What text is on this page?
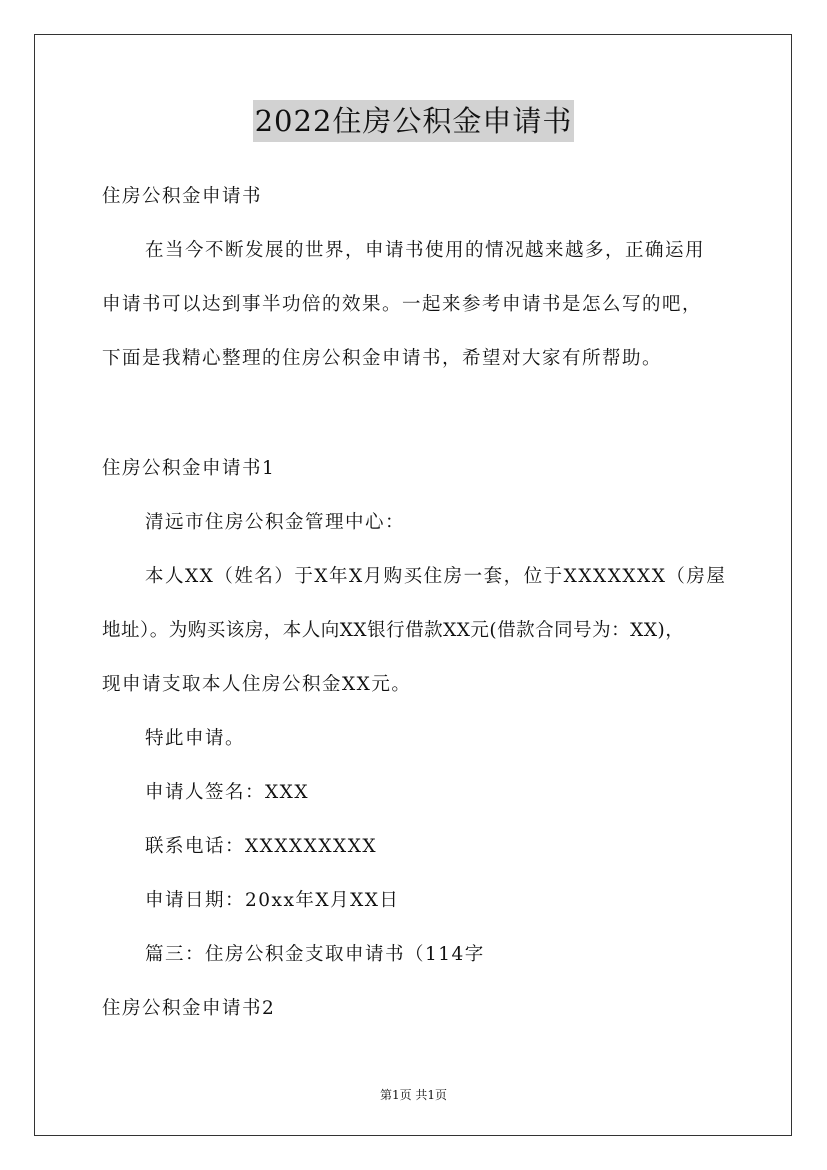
2022住房公积金申请书
住房公积金申请书
在当今不断发展的世界，申请书使用的情况越来越多，正确运用
申请书可以达到事半功倍的效果。一起来参考申请书是怎么写的吧，
下面是我精心整理的住房公积金申请书，希望对大家有所帮助。
住房公积金申请书1
清远市住房公积金管理中心：
本人XX（姓名）于X年X月购买住房一套，位于XXXXXXX（房屋
地址）。为购买该房，本人向XX银行借款XX元(借款合同号为：XX)，
现申请支取本人住房公积金XX元。
特此申请。
申请人签名：XXX
联系电话：XXXXXXXXX
申请日期：20xx年X月XX日
篇三：住房公积金支取申请书（114字
住房公积金申请书2
第1页 共1页
